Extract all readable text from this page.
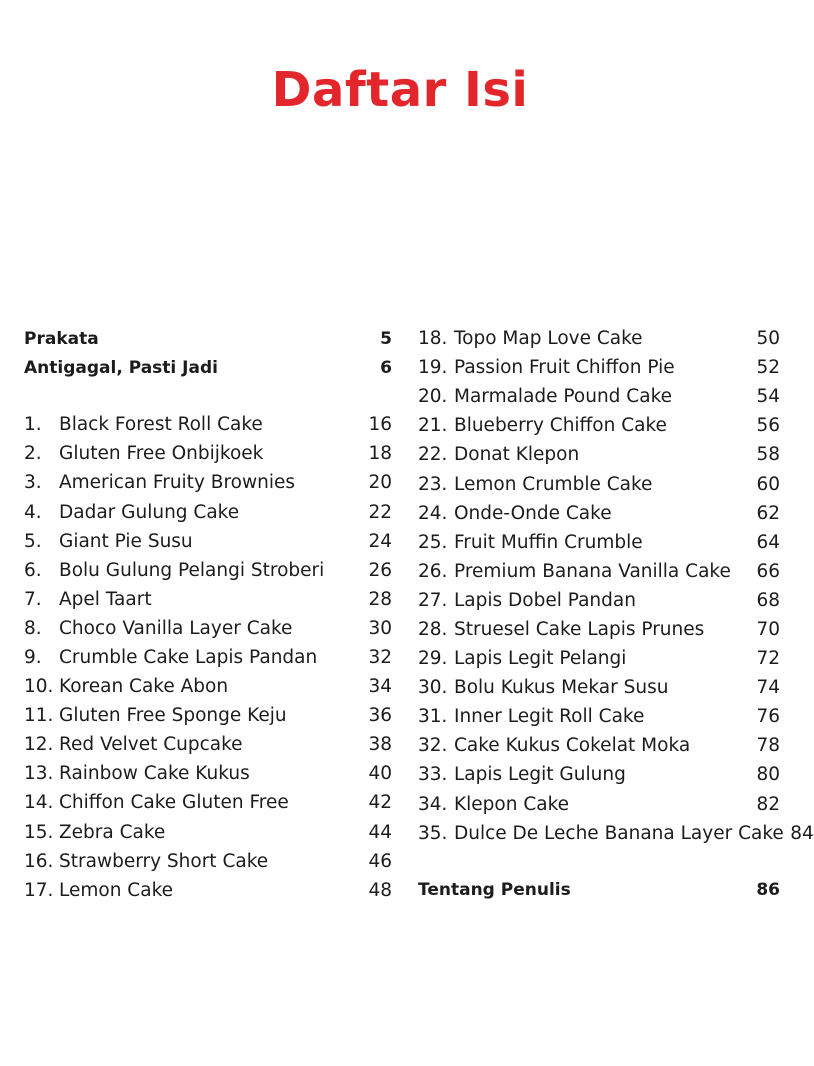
Daftar Isi
Prakata	5
Antigagal, Pasti Jadi	6
1. Black Forest Roll Cake	16
2. Gluten Free Onbijkoek	18
3. American Fruity Brownies	20
4. Dadar Gulung Cake	22
5. Giant Pie Susu	24
6. Bolu Gulung Pelangi Stroberi	26
7. Apel Taart	28
8. Choco Vanilla Layer Cake	30
9. Crumble Cake Lapis Pandan	32
10. Korean Cake Abon	34
11. Gluten Free Sponge Keju	36
12. Red Velvet Cupcake	38
13. Rainbow Cake Kukus	40
14. Chiffon Cake Gluten Free	42
15. Zebra Cake	44
16. Strawberry Short Cake	46
17. Lemon Cake	48
18. Topo Map Love Cake	50
19. Passion Fruit Chiffon Pie	52
20. Marmalade Pound Cake	54
21. Blueberry Chiffon Cake	56
22. Donat Klepon	58
23. Lemon Crumble Cake	60
24. Onde-Onde Cake	62
25. Fruit Muffin Crumble	64
26. Premium Banana Vanilla Cake	66
27. Lapis Dobel Pandan	68
28. Struesel Cake Lapis Prunes	70
29. Lapis Legit Pelangi	72
30. Bolu Kukus Mekar Susu	74
31. Inner Legit Roll Cake	76
32. Cake Kukus Cokelat Moka	78
33. Lapis Legit Gulung	80
34. Klepon Cake	82
35. Dulce De Leche Banana Layer Cake 84
Tentang Penulis	86
